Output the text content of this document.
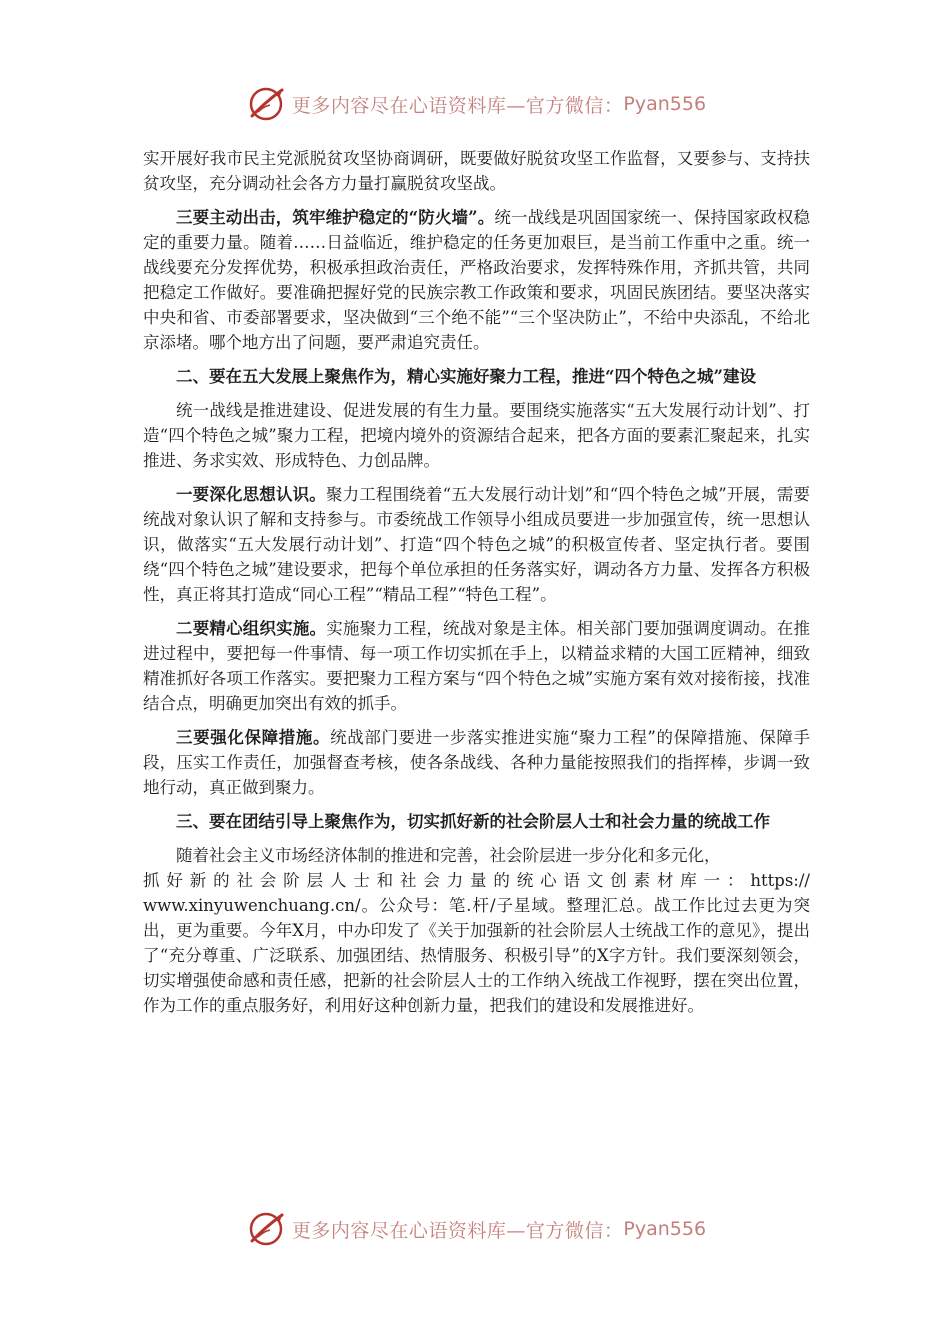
更多内容尽在心语资料库—官方微信： Pyan556

实开展好我市民主党派脱贫攻坚协商调研，既要做好脱贫攻坚工作监督，又要参与、支持扶贫攻坚，充分调动社会各方力量打赢脱贫攻坚战。

三要主动出击，筑牢维护稳定的“防火墙”。统一战线是巩固国家统一、保持国家政权稳定的重要力量。随着……日益临近，维护稳定的任务更加艰巨，是当前工作重中之重。统一战线要充分发挥优势，积极承担政治责任，严格政治要求，发挥特殊作用，齐抓共管，共同把稳定工作做好。要准确把握好党的民族宗教工作政策和要求，巩固民族团结。要坚决落实中央和省、市委部署要求，坚决做到“三个绝不能”“三个坚决防止”，不给中央添乱，不给北京添堵。哪个地方出了问题，要严肃追究责任。

二、要在五大发展上聚焦作为，精心实施好聚力工程，推进“四个特色之城”建设

统一战线是推进建设、促进发展的有生力量。要围绕实施落实“五大发展行动计划”、打造“四个特色之城”聚力工程，把境内境外的资源结合起来，把各方面的要素汇聚起来，扎实推进、务求实效、形成特色、力创品牌。

一要深化思想认识。聚力工程围绕着“五大发展行动计划”和“四个特色之城”开展，需要统战对象认识了解和支持参与。市委统战工作领导小组成员要进一步加强宣传，统一思想认识，做落实“五大发展行动计划”、打造“四个特色之城”的积极宣传者、坚定执行者。要围绕“四个特色之城”建设要求，把每个单位承担的任务落实好，调动各方力量、发挥各方积极性，真正将其打造成“同心工程”“精品工程”“特色工程”。

二要精心组织实施。实施聚力工程，统战对象是主体。相关部门要加强调度调动。在推进过程中，要把每一件事情、每一项工作切实抓在手上，以精益求精的大国工匠精神，细致精准抓好各项工作落实。要把聚力工程方案与“四个特色之城”实施方案有效对接衔接，找准结合点，明确更加突出有效的抓手。

三要强化保障措施。统战部门要进一步落实推进实施“聚力工程”的保障措施、保障手段，压实工作责任，加强督查考核，使各条战线、各种力量能按照我们的指挥棒，步调一致地行动，真正做到聚力。

三、要在团结引导上聚焦作为，切实抓好新的社会阶层人士和社会力量的统战工作

随着社会主义市场经济体制的推进和完善，社会阶层进一步分化和多元化，

抓好新的社会阶层人士和社会力量的统心语文创素材库一：https://

www.xinyuwenchuang.cn/。公众号：笔.杆/子星域。整理汇总。战工作比过去更为突出，更为重要。今年X月，中办印发了《关于加强新的社会阶层人士统战工作的意见》，提出了“充分尊重、广泛联系、加强团结、热情服务、积极引导”的X字方针。我们要深刻领会，切实增强使命感和责任感，把新的社会阶层人士的工作纳入统战工作视野，摆在突出位置，作为工作的重点服务好，利用好这种创新力量，把我们的建设和发展推进好。

更多内容尽在心语资料库—官方微信： Pyan556
